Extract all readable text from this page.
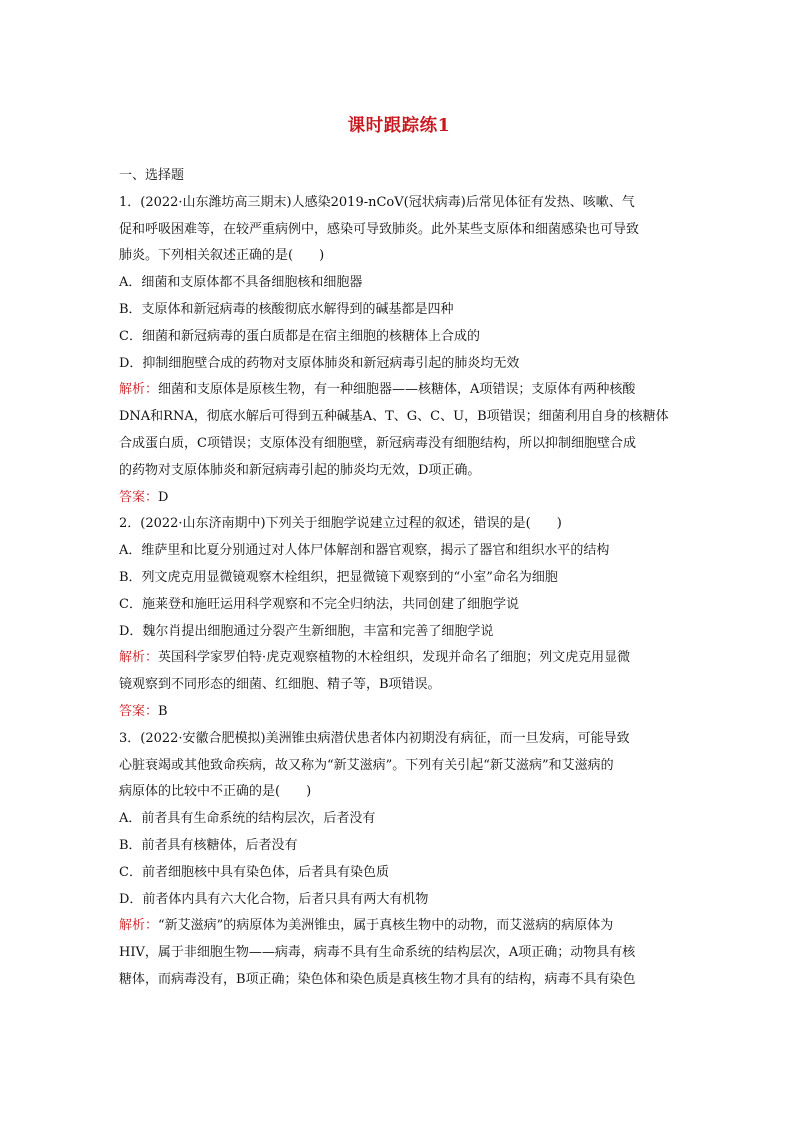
课时跟踪练1
一、选择题
1．(2022·山东潍坊高三期末)人感染2019-nCoV(冠状病毒)后常见体征有发热、咳嗽、气
促和呼吸困难等，在较严重病例中，感染可导致肺炎。此外某些支原体和细菌感染也可导致
肺炎。下列相关叙述正确的是(　　)
A．细菌和支原体都不具备细胞核和细胞器
B．支原体和新冠病毒的核酸彻底水解得到的碱基都是四种
C．细菌和新冠病毒的蛋白质都是在宿主细胞的核糖体上合成的
D．抑制细胞壁合成的药物对支原体肺炎和新冠病毒引起的肺炎均无效
解析：细菌和支原体是原核生物，有一种细胞器——核糖体，A项错误；支原体有两种核酸
DNA和RNA，彻底水解后可得到五种碱基A、T、G、C、U，B项错误；细菌利用自身的核糖体
合成蛋白质，C项错误；支原体没有细胞壁，新冠病毒没有细胞结构，所以抑制细胞壁合成
的药物对支原体肺炎和新冠病毒引起的肺炎均无效，D项正确。
答案：D
2．(2022·山东济南期中)下列关于细胞学说建立过程的叙述，错误的是(　　)
A．维萨里和比夏分别通过对人体尸体解剖和器官观察，揭示了器官和组织水平的结构
B．列文虎克用显微镜观察木栓组织，把显微镜下观察到的“小室”命名为细胞
C．施莱登和施旺运用科学观察和不完全归纳法，共同创建了细胞学说
D．魏尔肖提出细胞通过分裂产生新细胞，丰富和完善了细胞学说
解析：英国科学家罗伯特·虎克观察植物的木栓组织，发现并命名了细胞；列文虎克用显微
镜观察到不同形态的细菌、红细胞、精子等，B项错误。
答案：B
3．(2022·安徽合肥模拟)美洲锥虫病潜伏患者体内初期没有病征，而一旦发病，可能导致
心脏衰竭或其他致命疾病，故又称为“新艾滋病”。下列有关引起“新艾滋病”和艾滋病的
病原体的比较中不正确的是(　　)
A．前者具有生命系统的结构层次，后者没有
B．前者具有核糖体，后者没有
C．前者细胞核中具有染色体，后者具有染色质
D．前者体内具有六大化合物，后者只具有两大有机物
解析：“新艾滋病”的病原体为美洲锥虫，属于真核生物中的动物，而艾滋病的病原体为
HIV，属于非细胞生物——病毒，病毒不具有生命系统的结构层次，A项正确；动物具有核
糖体，而病毒没有，B项正确；染色体和染色质是真核生物才具有的结构，病毒不具有染色
